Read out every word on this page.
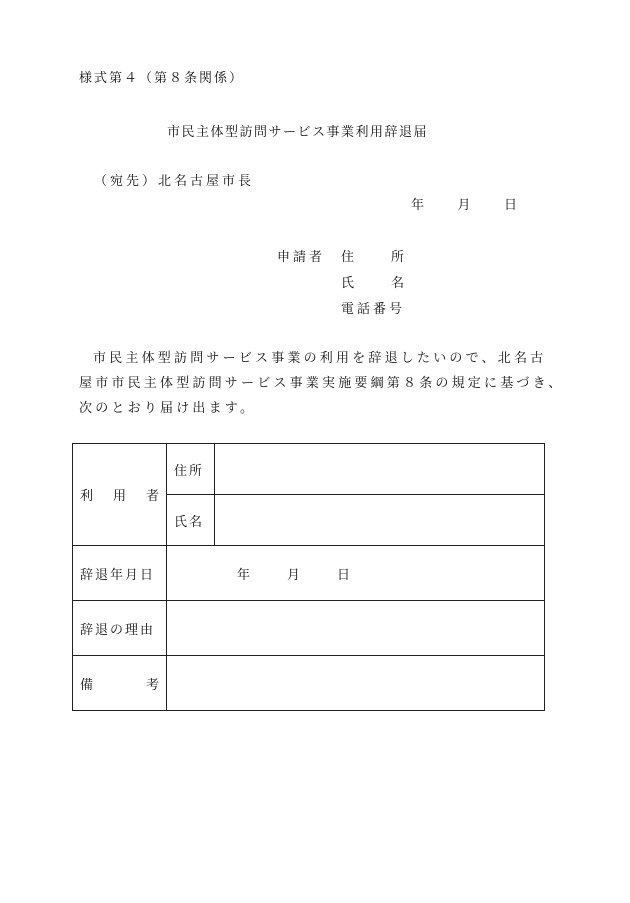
様式第４（第８条関係）
市民主体型訪問サービス事業利用辞退届
（宛先）北名古屋市長
年	月	日
申請者 住	所
氏	名
電話番号
市民主体型訪問サービス事業の利用を辞退したいので、北名古
屋市市民主体型訪問サービス事業実施要綱第８条の規定に基づき、
次のとおり届け出ます。
利 用 者	住所	
	氏名	
辞退年月日	年 月 日	

辞退の理由		

備 考		
